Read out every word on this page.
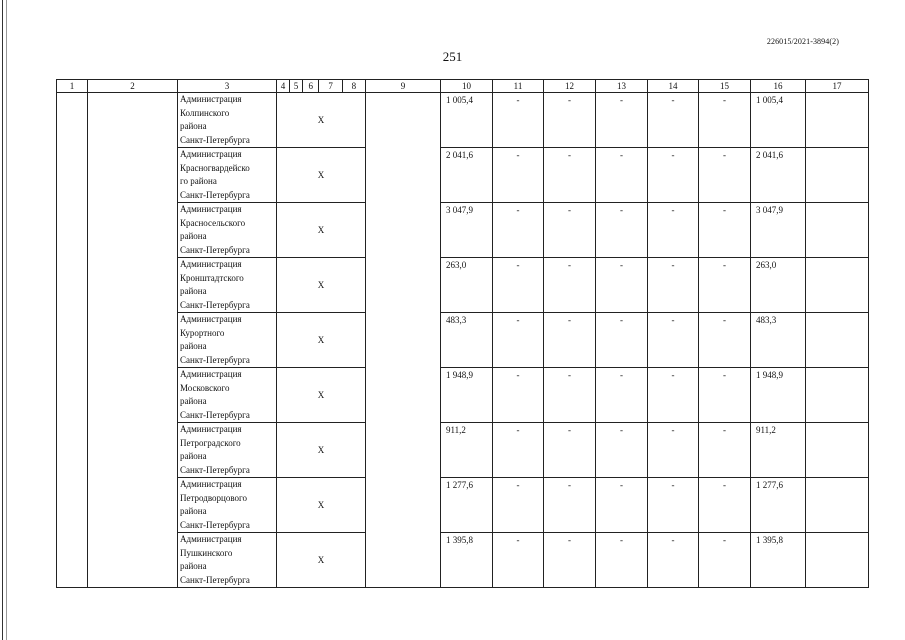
226015/2021-3894(2)
251
1	2	3	4 5 6 7 8	9	10	11	12	13	14	15	16	17

		Администрация
Колпинского
района
Санкт-Петербурга	Х		1 005,4	-	-	-	-	-	1 005,4	

		Администрация
Красногвардейско
го района
Санкт-Петербурга	Х		2 041,6	-	-	-	-	-	2 041,6	

		Администрация
Красносельского
района
Санкт-Петербурга	Х		3 047,9	-	-	-	-	-	3 047,9	

		Администрация
Кронштадтского
района
Санкт-Петербурга	Х		263,0	-	-	-	-	-	263,0	

		Администрация
Курортного
района
Санкт-Петербурга	Х		483,3	-	-	-	-	-	483,3	

		Администрация
Московского
района
Санкт-Петербурга	Х		1 948,9	-	-	-	-	-	1 948,9	

		Администрация
Петроградского
района
Санкт-Петербурга	Х		911,2	-	-	-	-	-	911,2	

		Администрация
Петродворцового
района
Санкт-Петербурга	Х		1 277,6	-	-	-	-	-	1 277,6	

		Администрация
Пушкинского
района
Санкт-Петербурга	Х		1 395,8	-	-	-	-	-	1 395,8	
